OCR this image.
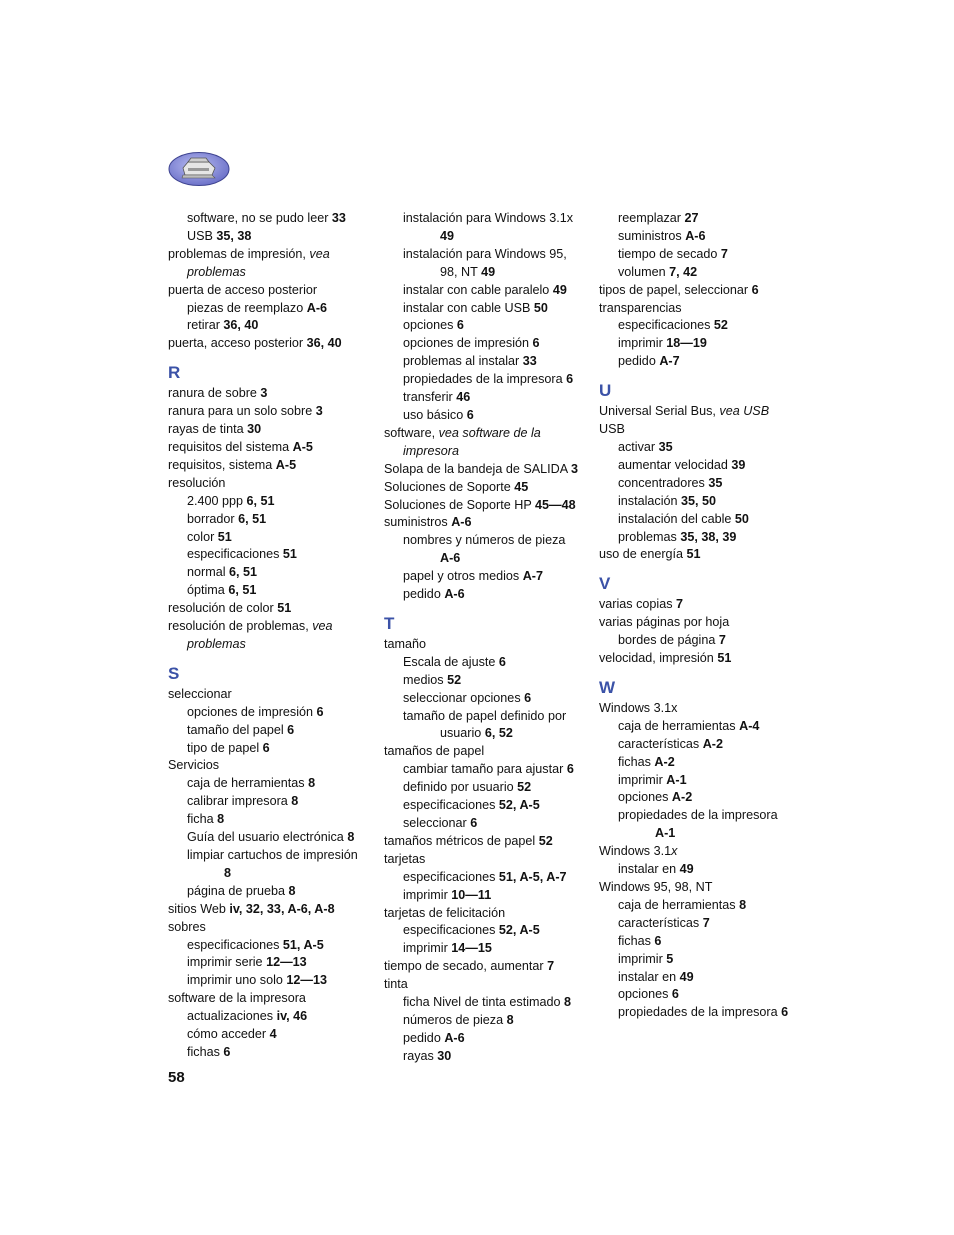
software, no se pudo leer 33
USB 35, 38
problemas de impresión, vea
problemas
puerta de acceso posterior
piezas de reemplazo A-6
retirar 36, 40
puerta, acceso posterior 36, 40
R
ranura de sobre 3
ranura para un solo sobre 3
rayas de tinta 30
requisitos del sistema A-5
requisitos, sistema A-5
resolución
2.400 ppp 6, 51
borrador 6, 51
color 51
especificaciones 51
normal 6, 51
óptima 6, 51
resolución de color 51
resolución de problemas, vea
problemas
S
seleccionar
opciones de impresión 6
tamaño del papel 6
tipo de papel 6
Servicios
caja de herramientas 8
calibrar impresora 8
ficha 8
Guía del usuario electrónica 8
limpiar cartuchos de impresión
8
página de prueba 8
sitios Web iv, 32, 33, A-6, A-8
sobres
especificaciones 51, A-5
imprimir serie 12—13
imprimir uno solo 12—13
software de la impresora
actualizaciones iv, 46
cómo acceder 4
fichas 6
instalación para Windows 3.1x
49
instalación para Windows 95,
98, NT 49
instalar con cable paralelo 49
instalar con cable USB 50
opciones 6
opciones de impresión 6
problemas al instalar 33
propiedades de la impresora 6
transferir 46
uso básico 6
software, vea software de la
impresora
Solapa de la bandeja de SALIDA 3
Soluciones de Soporte 45
Soluciones de Soporte HP 45—48
suministros A-6
nombres y números de pieza
A-6
papel y otros medios A-7
pedido A-6
T
tamaño
Escala de ajuste 6
medios 52
seleccionar opciones 6
tamaño de papel definido por
usuario 6, 52
tamaños de papel
cambiar tamaño para ajustar 6
definido por usuario 52
especificaciones 52, A-5
seleccionar 6
tamaños métricos de papel 52
tarjetas
especificaciones 51, A-5, A-7
imprimir 10—11
tarjetas de felicitación
especificaciones 52, A-5
imprimir 14—15
tiempo de secado, aumentar 7
tinta
ficha Nivel de tinta estimado 8
números de pieza 8
pedido A-6
rayas 30
reemplazar 27
suministros A-6
tiempo de secado 7
volumen 7, 42
tipos de papel, seleccionar 6
transparencias
especificaciones 52
imprimir 18—19
pedido A-7
U
Universal Serial Bus, vea USB
USB
activar 35
aumentar velocidad 39
concentradores 35
instalación 35, 50
instalación del cable 50
problemas 35, 38, 39
uso de energía 51
V
varias copias 7
varias páginas por hoja
bordes de página 7
velocidad, impresión 51
W
Windows 3.1x
caja de herramientas A-4
características A-2
fichas A-2
imprimir A-1
opciones A-2
propiedades de la impresora
A-1
Windows 3.1x
instalar en 49
Windows 95, 98, NT
caja de herramientas 8
características 7
fichas 6
imprimir 5
instalar en 49
opciones 6
propiedades de la impresora 6
58
